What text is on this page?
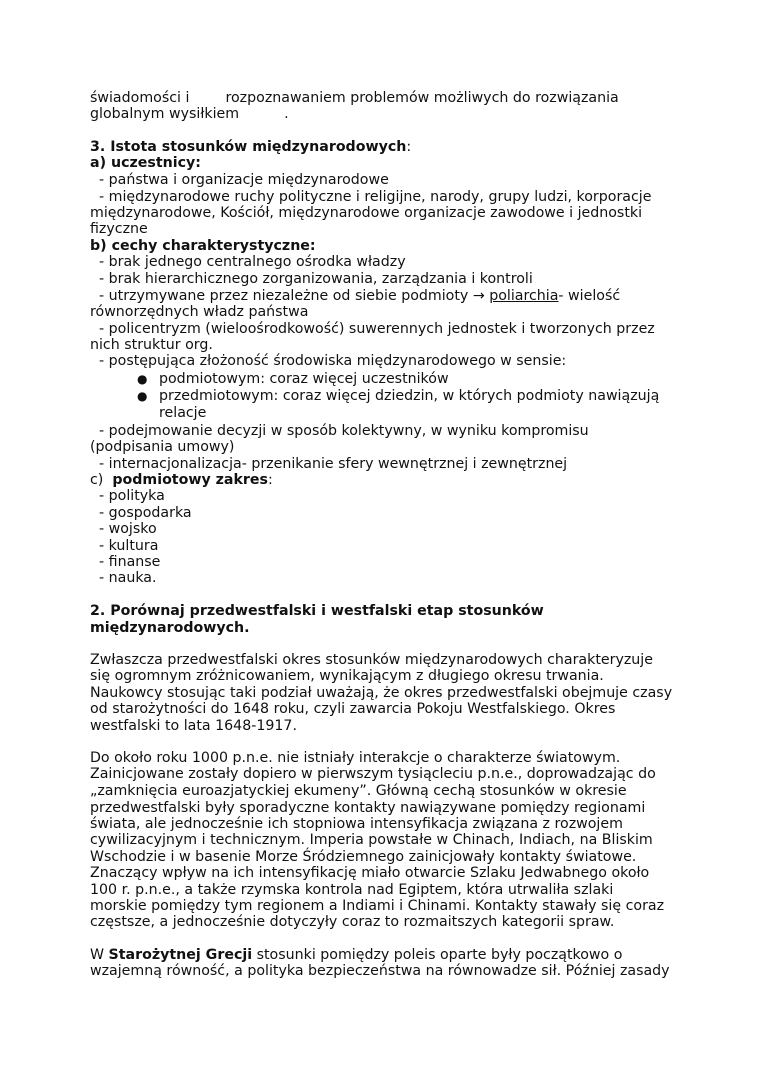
świadomości i        rozpoznawaniem problemów możliwych do rozwiązania
globalnym wysiłkiem          .
3. Istota stosunków międzynarodowych:
a) uczestnicy:
- państwa i organizacje międzynarodowe
- międzynarodowe ruchy polityczne i religijne, narody, grupy ludzi, korporacje
międzynarodowe, Kościół, międzynarodowe organizacje zawodowe i jednostki
fizyczne
b) cechy charakterystyczne:
- brak jednego centralnego ośrodka władzy
- brak hierarchicznego zorganizowania, zarządzania i kontroli
- utrzymywane przez niezależne od siebie podmioty → poliarchia- wielość
równorzędnych władz państwa
- policentryzm (wieloośrodkowość) suwerennych jednostek i tworzonych przez
nich struktur org.
- postępująca złożoność środowiska międzynarodowego w sensie:
● podmiotowym: coraz więcej uczestników
● przedmiotowym: coraz więcej dziedzin, w których podmioty nawiązują
relacje
- podejmowanie decyzji w sposób kolektywny, w wyniku kompromisu
(podpisania umowy)
- internacjonalizacja- przenikanie sfery wewnętrznej i zewnętrznej
c)  podmiotowy zakres:
- polityka
- gospodarka
- wojsko
- kultura
- finanse
- nauka.
2. Porównaj przedwestfalski i westfalski etap stosunków
międzynarodowych.
Zwłaszcza przedwestfalski okres stosunków międzynarodowych charakteryzuje
się ogromnym zróżnicowaniem, wynikającym z długiego okresu trwania.
Naukowcy stosując taki podział uważają, że okres przedwestfalski obejmuje czasy
od starożytności do 1648 roku, czyli zawarcia Pokoju Westfalskiego. Okres
westfalski to lata 1648-1917.
Do około roku 1000 p.n.e. nie istniały interakcje o charakterze światowym.
Zainicjowane zostały dopiero w pierwszym tysiącleciu p.n.e., doprowadzając do
„zamknięcia euroazjatyckiej ekumeny”. Główną cechą stosunków w okresie
przedwestfalski były sporadyczne kontakty nawiązywane pomiędzy regionami
świata, ale jednocześnie ich stopniowa intensyfikacja związana z rozwojem
cywilizacyjnym i technicznym. Imperia powstałe w Chinach, Indiach, na Bliskim
Wschodzie i w basenie Morze Śródziemnego zainicjowały kontakty światowe.
Znaczący wpływ na ich intensyfikację miało otwarcie Szlaku Jedwabnego około
100 r. p.n.e., a także rzymska kontrola nad Egiptem, która utrwaliła szlaki
morskie pomiędzy tym regionem a Indiami i Chinami. Kontakty stawały się coraz
częstsze, a jednocześnie dotyczyły coraz to rozmaitszych kategorii spraw.
W Starożytnej Grecji stosunki pomiędzy poleis oparte były początkowo o
wzajemną równość, a polityka bezpieczeństwa na równowadze sił. Później zasady
